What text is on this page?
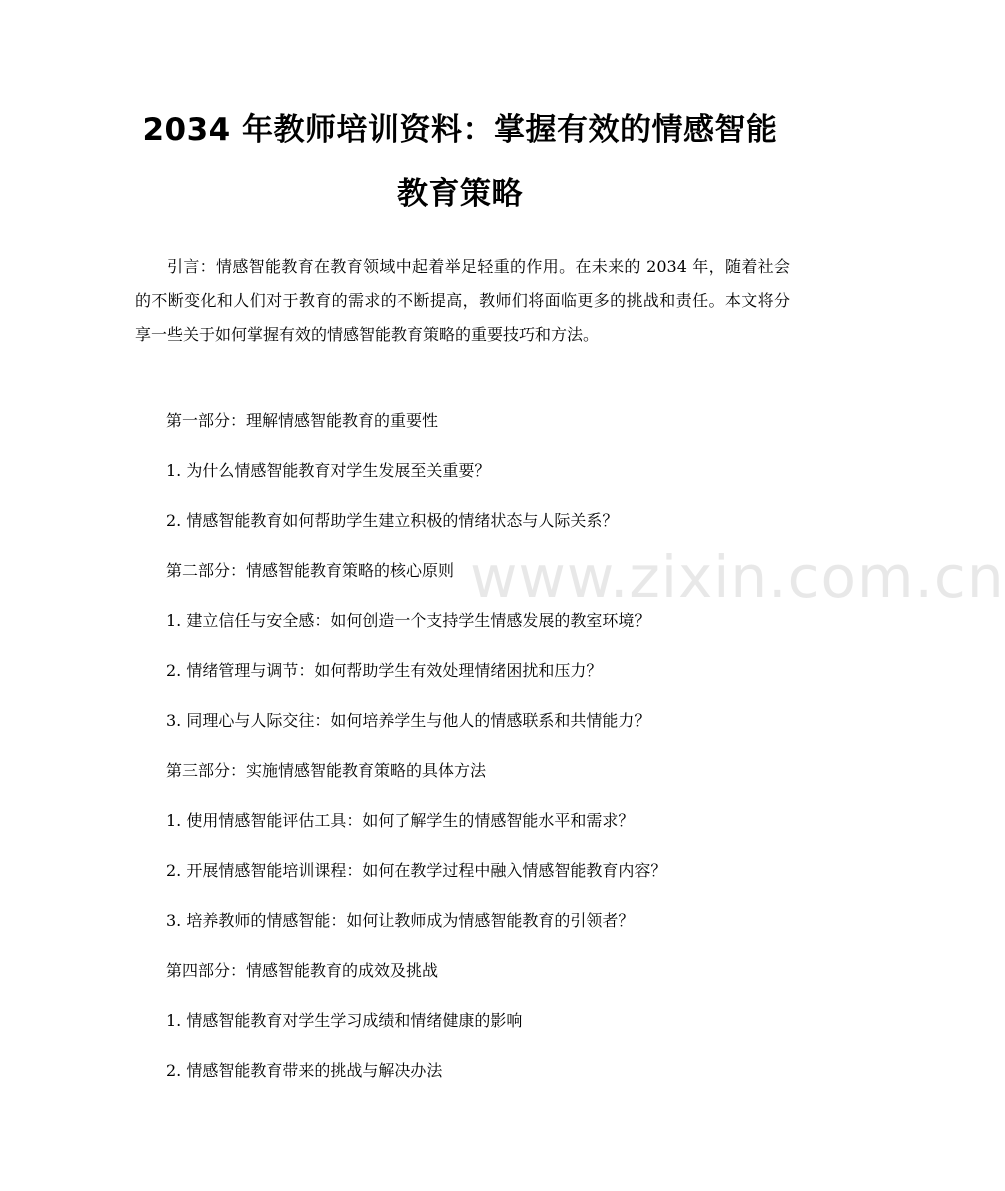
www.zixin.com.cn
2034 年教师培训资料：掌握有效的情感智能
教育策略
引言：情感智能教育在教育领域中起着举足轻重的作用。在未来的 2034 年，随着社会的不断变化和人们对于教育的需求的不断提高，教师们将面临更多的挑战和责任。本文将分享一些关于如何掌握有效的情感智能教育策略的重要技巧和方法。
第一部分：理解情感智能教育的重要性
1. 为什么情感智能教育对学生发展至关重要？
2. 情感智能教育如何帮助学生建立积极的情绪状态与人际关系？
第二部分：情感智能教育策略的核心原则
1. 建立信任与安全感：如何创造一个支持学生情感发展的教室环境？
2. 情绪管理与调节：如何帮助学生有效处理情绪困扰和压力？
3. 同理心与人际交往：如何培养学生与他人的情感联系和共情能力？
第三部分：实施情感智能教育策略的具体方法
1. 使用情感智能评估工具：如何了解学生的情感智能水平和需求？
2. 开展情感智能培训课程：如何在教学过程中融入情感智能教育内容？
3. 培养教师的情感智能：如何让教师成为情感智能教育的引领者？
第四部分：情感智能教育的成效及挑战
1. 情感智能教育对学生学习成绩和情绪健康的影响
2. 情感智能教育带来的挑战与解决办法
